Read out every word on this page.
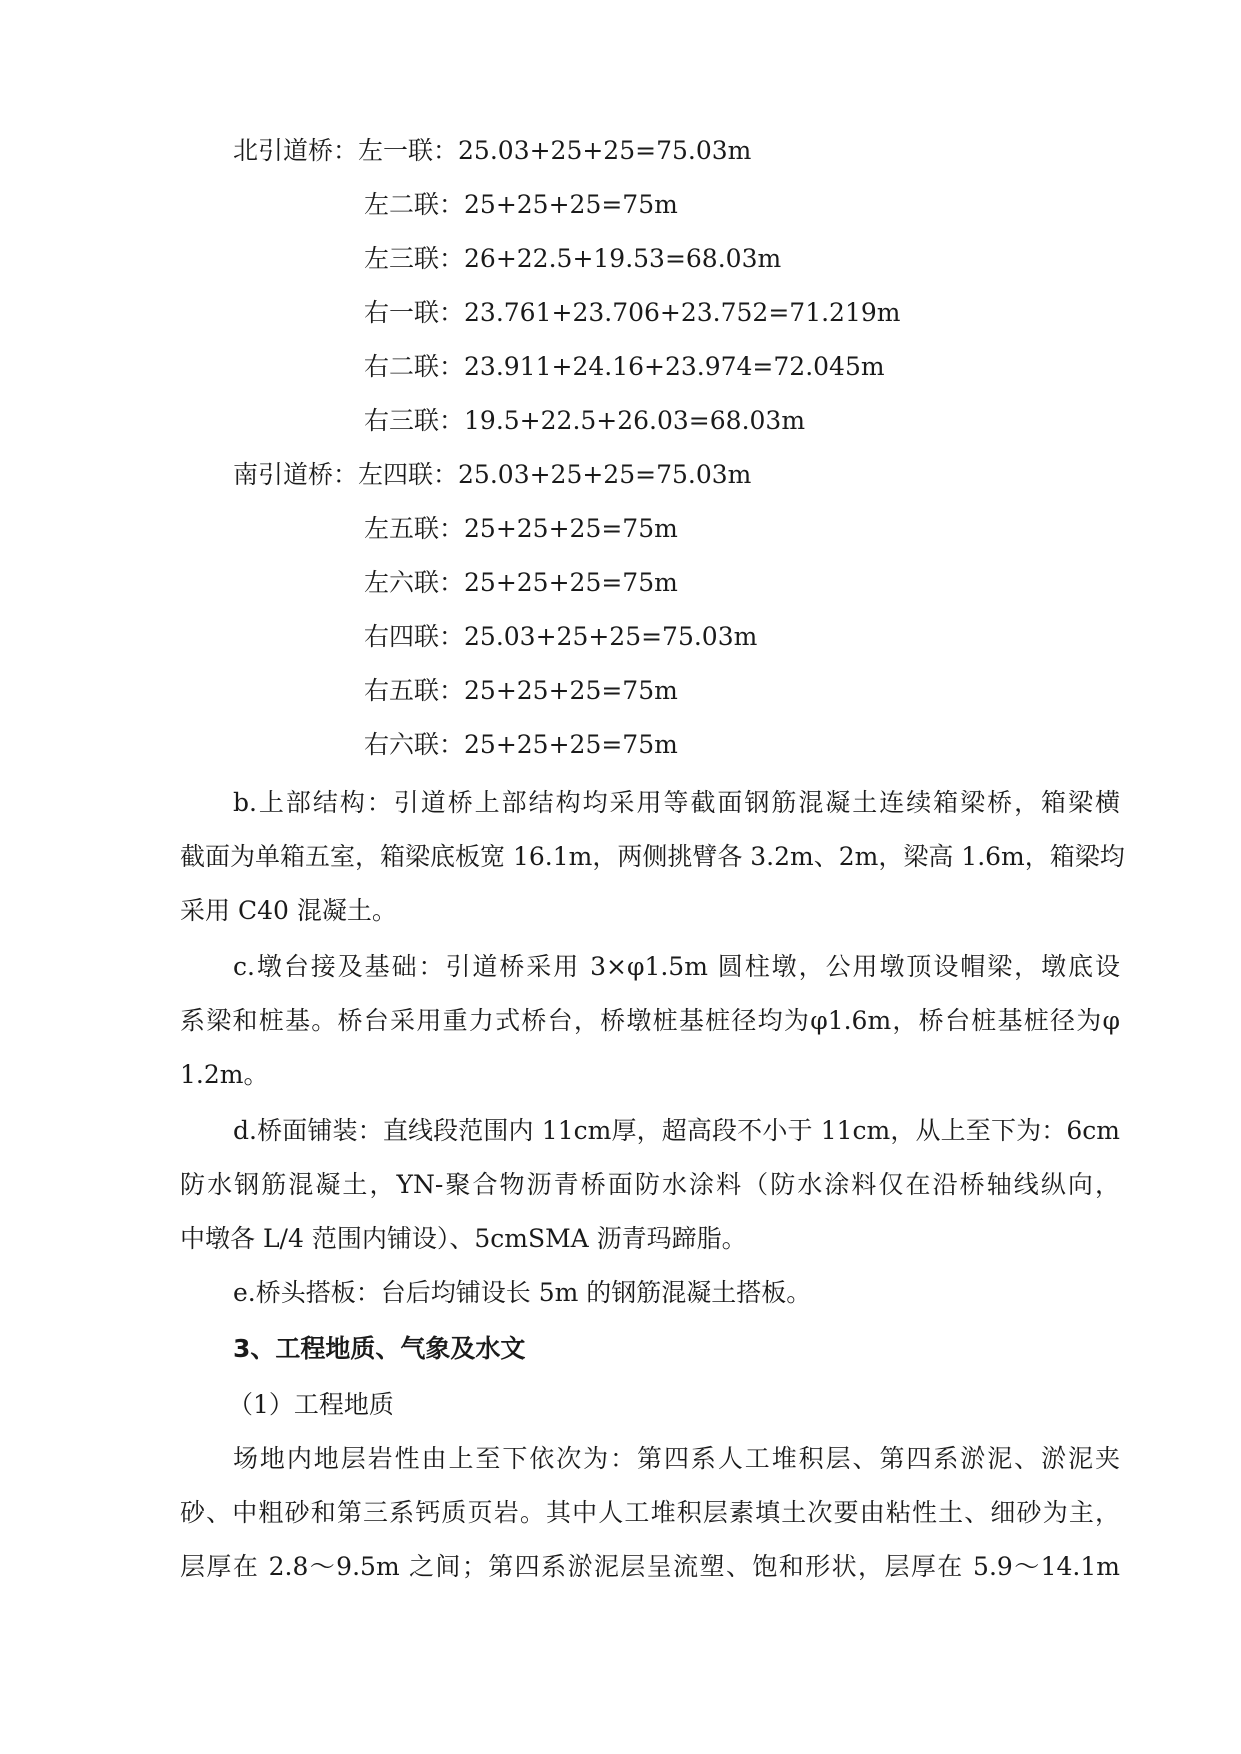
北引道桥：左一联：25.03+25+25=75.03m
左二联：25+25+25=75m
左三联：26+22.5+19.53=68.03m
右一联：23.761+23.706+23.752=71.219m
右二联：23.911+24.16+23.974=72.045m
右三联：19.5+22.5+26.03=68.03m
南引道桥：左四联：25.03+25+25=75.03m
左五联：25+25+25=75m
左六联：25+25+25=75m
右四联：25.03+25+25=75.03m
右五联：25+25+25=75m
右六联：25+25+25=75m
b.上部结构：引道桥上部结构均采用等截面钢筋混凝土连续箱梁桥，箱梁横
截面为单箱五室，箱梁底板宽 16.1m，两侧挑臂各 3.2m、2m，梁高 1.6m，箱梁均
采用 C40 混凝土。
c.墩台接及基础：引道桥采用 3×φ1.5m 圆柱墩，公用墩顶设帽梁，墩底设
系梁和桩基。桥台采用重力式桥台，桥墩桩基桩径均为φ1.6m，桥台桩基桩径为φ
1.2m。
d.桥面铺装：直线段范围内 11cm厚，超高段不小于 11cm，从上至下为：6cm
防水钢筋混凝土，YN-聚合物沥青桥面防水涂料（防水涂料仅在沿桥轴线纵向，
中墩各 L/4 范围内铺设）、5cmSMA 沥青玛蹄脂。
e.桥头搭板：台后均铺设长 5m 的钢筋混凝土搭板。
3、工程地质、气象及水文
（1）工程地质
场地内地层岩性由上至下依次为：第四系人工堆积层、第四系淤泥、淤泥夹
砂、中粗砂和第三系钙质页岩。其中人工堆积层素填土次要由粘性土、细砂为主，
层厚在 2.8～9.5m 之间；第四系淤泥层呈流塑、饱和形状，层厚在 5.9～14.1m
